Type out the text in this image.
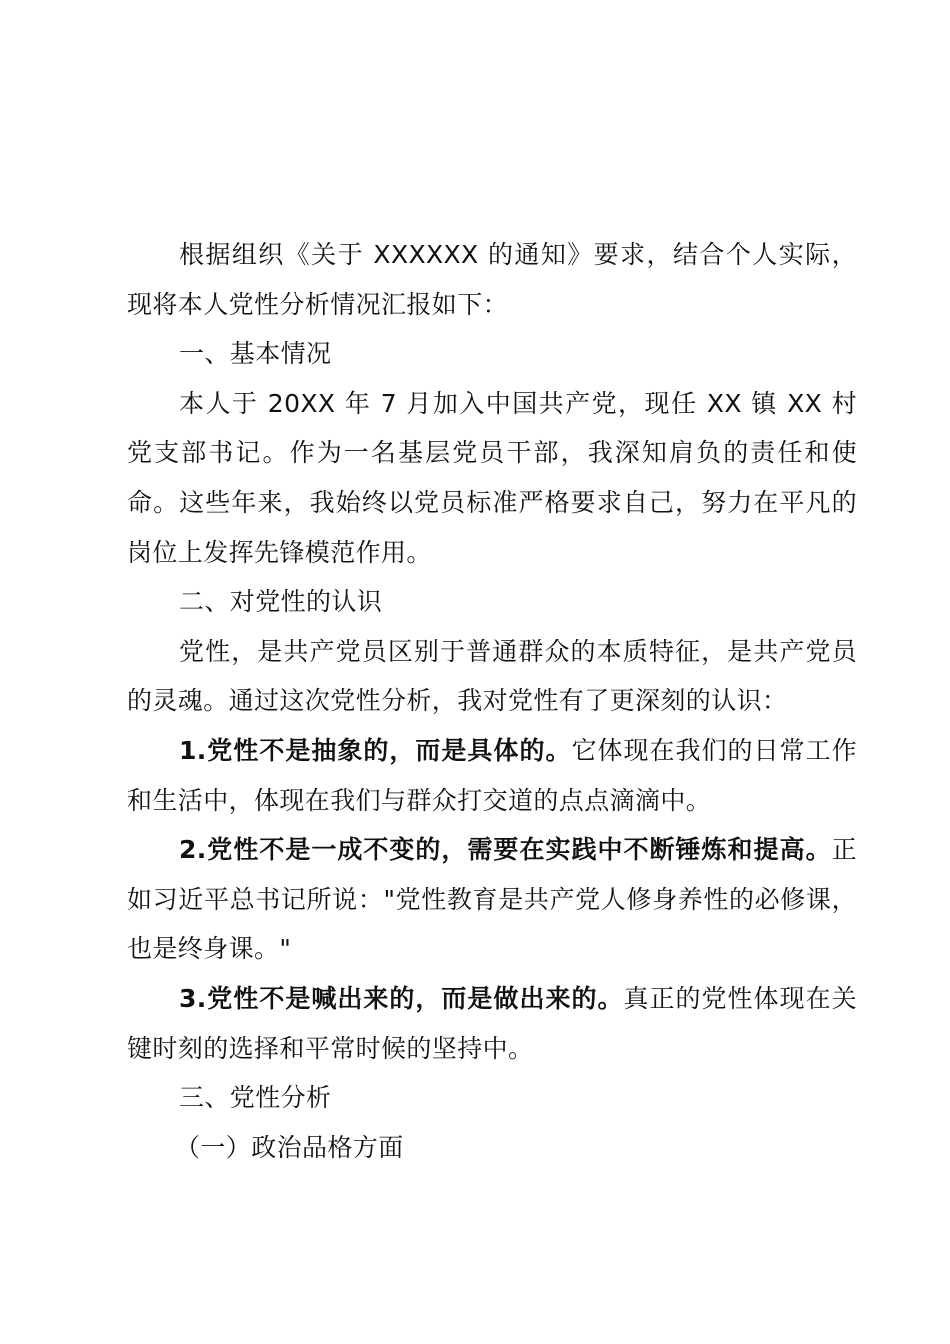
根据组织《关于 XXXXXX 的通知》要求，结合个人实际，现将本人党性分析情况汇报如下：

一、基本情况

本人于 20XX 年 7 月加入中国共产党，现任 XX 镇 XX 村党支部书记。作为一名基层党员干部，我深知肩负的责任和使命。这些年来，我始终以党员标准严格要求自己，努力在平凡的岗位上发挥先锋模范作用。

二、对党性的认识

党性，是共产党员区别于普通群众的本质特征，是共产党员的灵魂。通过这次党性分析，我对党性有了更深刻的认识：

1.党性不是抽象的，而是具体的。它体现在我们的日常工作和生活中，体现在我们与群众打交道的点点滴滴中。

2.党性不是一成不变的，需要在实践中不断锤炼和提高。正如习近平总书记所说："党性教育是共产党人修身养性的必修课，也是终身课。"

3.党性不是喊出来的，而是做出来的。真正的党性体现在关键时刻的选择和平常时候的坚持中。

三、党性分析

（一）政治品格方面
